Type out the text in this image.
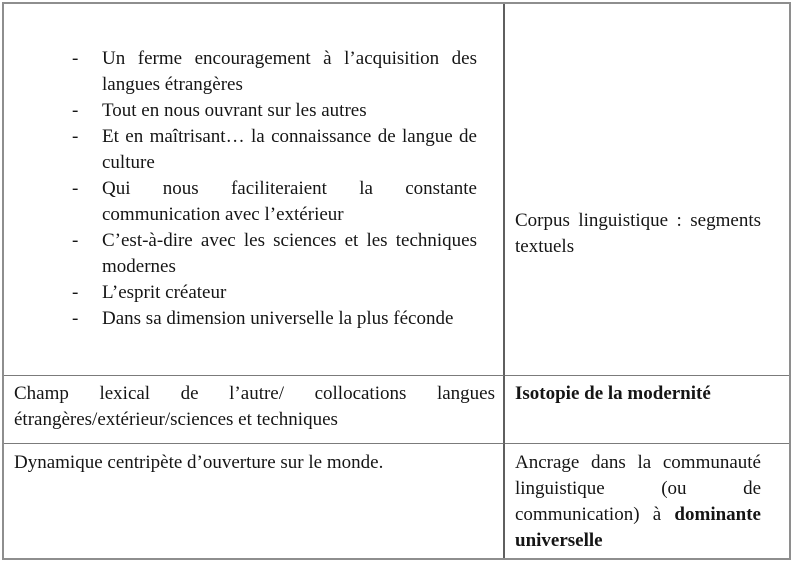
- Un ferme encouragement à l’acquisition des langues étrangères
- Tout en nous ouvrant sur les autres
- Et en maîtrisant… la connaissance de langue de culture
- Qui nous faciliteraient la constante communication avec l’extérieur
- C’est-à-dire avec les sciences et les techniques modernes
- L’esprit créateur
- Dans sa dimension universelle la plus féconde
Corpus linguistique : segments textuels
Champ lexical de l’autre/ collocations langues étrangères/extérieur/sciences et techniques
Isotopie de la modernité
Dynamique centripète d’ouverture sur le monde.	Ancrage dans la communauté linguistique (ou de communication) à dominante universelle
